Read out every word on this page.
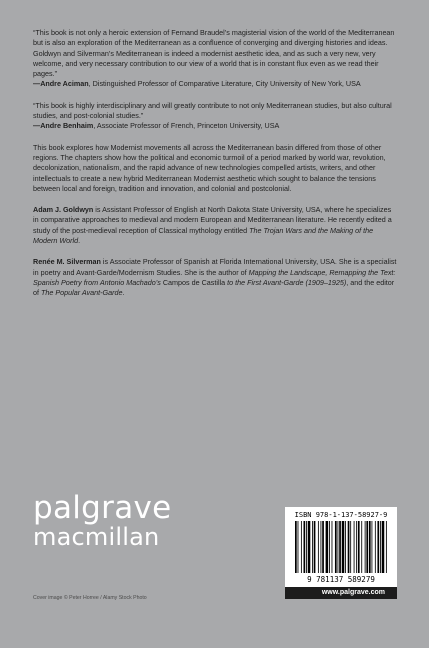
“This book is not only a heroic extension of Fernand Braudel’s magisterial vision of the world of the Mediterranean but is also an exploration of the Mediterranean as a confluence of converging and diverging histories and ideas. Goldwyn and Silverman’s Mediterranean is indeed a modernist aesthetic idea, and as such a very new, very welcome, and very necessary contribution to our view of a world that is in constant flux even as we read their pages.”
—Andre Aciman, Distinguished Professor of Comparative Literature, City University of New York, USA

“This book is highly interdisciplinary and will greatly contribute to not only Mediterranean studies, but also cultural studies, and post-colonial studies.”
—Andre Benhaim, Associate Professor of French, Princeton University, USA

This book explores how Modernist movements all across the Mediterranean basin differed from those of other regions. The chapters show how the political and economic turmoil of a period marked by world war, revolution, decolonization, nationalism, and the rapid advance of new technologies compelled artists, writers, and other intellectuals to create a new hybrid Mediterranean Modernist aesthetic which sought to balance the tensions between local and foreign, tradition and innovation, and colonial and postcolonial.

Adam J. Goldwyn is Assistant Professor of English at North Dakota State University, USA, where he specializes in comparative approaches to medieval and modern European and Mediterranean literature. He recently edited a study of the post-medieval reception of Classical mythology entitled The Trojan Wars and the Making of the Modern World.

Renée M. Silverman is Associate Professor of Spanish at Florida International University, USA. She is a specialist in poetry and Avant-Garde/Modernism Studies. She is the author of Mapping the Landscape, Remapping the Text: Spanish Poetry from Antonio Machado’s Campos de Castilla to the First Avant-Garde (1909–1925), and the editor of The Popular Avant-Garde.

palgrave
macmillan
Cover image © Peter Horree / Alamy Stock Photo
ISBN 978-1-137-58927-9
9 781137 589279
www.palgrave.com
